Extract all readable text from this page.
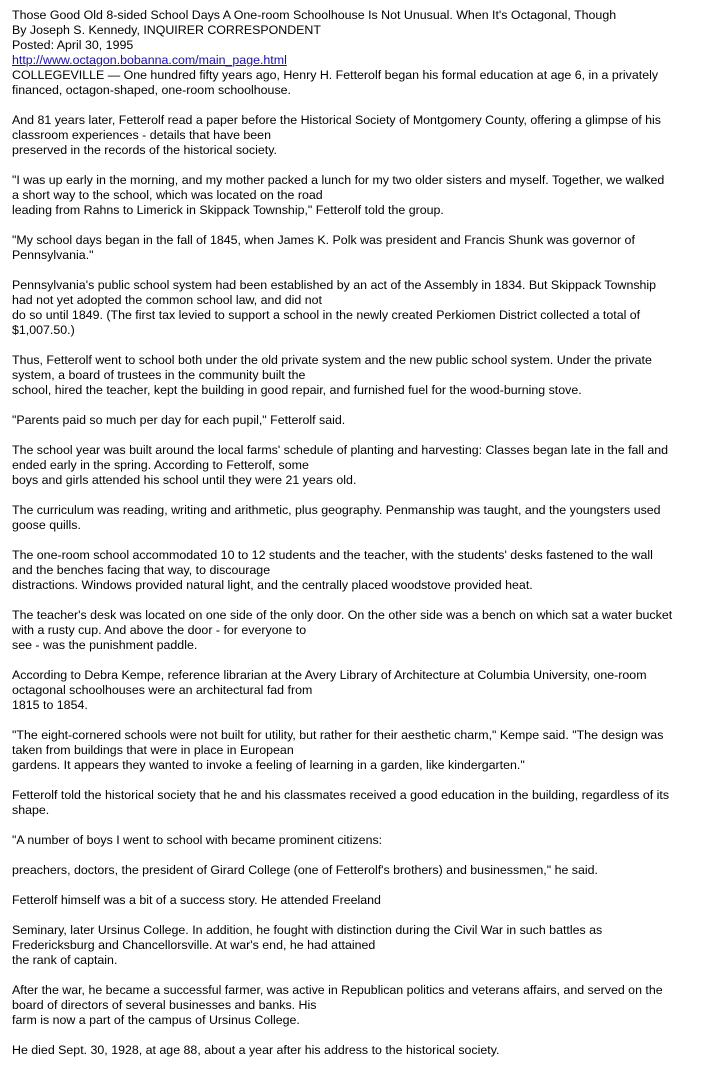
Those Good Old 8-sided School Days A One-room Schoolhouse Is Not Unusual. When It's Octagonal, Though
By Joseph S. Kennedy, INQUIRER CORRESPONDENT
Posted: April 30, 1995
http://www.octagon.bobanna.com/main_page.html
COLLEGEVILLE — One hundred fifty years ago, Henry H. Fetterolf began his formal education at age 6, in a privately
financed, octagon-shaped, one-room schoolhouse.
And 81 years later, Fetterolf read a paper before the Historical Society of Montgomery County, offering a glimpse of his
classroom experiences - details that have been
preserved in the records of the historical society.
"I was up early in the morning, and my mother packed a lunch for my two older sisters and myself. Together, we walked
a short way to the school, which was located on the road
leading from Rahns to Limerick in Skippack Township," Fetterolf told the group.
"My school days began in the fall of 1845, when James K. Polk was president and Francis Shunk was governor of
Pennsylvania."
Pennsylvania's public school system had been established by an act of the Assembly in 1834. But Skippack Township
had not yet adopted the common school law, and did not
do so until 1849. (The first tax levied to support a school in the newly created Perkiomen District collected a total of
$1,007.50.)
Thus, Fetterolf went to school both under the old private system and the new public school system. Under the private
system, a board of trustees in the community built the
school, hired the teacher, kept the building in good repair, and furnished fuel for the wood-burning stove.
"Parents paid so much per day for each pupil," Fetterolf said.
The school year was built around the local farms' schedule of planting and harvesting: Classes began late in the fall and
ended early in the spring. According to Fetterolf, some
boys and girls attended his school until they were 21 years old.
The curriculum was reading, writing and arithmetic, plus geography. Penmanship was taught, and the youngsters used
goose quills.
The one-room school accommodated 10 to 12 students and the teacher, with the students' desks fastened to the wall
and the benches facing that way, to discourage
distractions. Windows provided natural light, and the centrally placed woodstove provided heat.
The teacher's desk was located on one side of the only door. On the other side was a bench on which sat a water bucket
with a rusty cup. And above the door - for everyone to
see - was the punishment paddle.
According to Debra Kempe, reference librarian at the Avery Library of Architecture at Columbia University, one-room
octagonal schoolhouses were an architectural fad from
1815 to 1854.
"The eight-cornered schools were not built for utility, but rather for their aesthetic charm," Kempe said. "The design was
taken from buildings that were in place in European
gardens. It appears they wanted to invoke a feeling of learning in a garden, like kindergarten."
Fetterolf told the historical society that he and his classmates received a good education in the building, regardless of its
shape.
"A number of boys I went to school with became prominent citizens:
preachers, doctors, the president of Girard College (one of Fetterolf's brothers) and businessmen," he said.
Fetterolf himself was a bit of a success story. He attended Freeland
Seminary, later Ursinus College. In addition, he fought with distinction during the Civil War in such battles as
Fredericksburg and Chancellorsville. At war's end, he had attained
the rank of captain.
After the war, he became a successful farmer, was active in Republican politics and veterans affairs, and served on the
board of directors of several businesses and banks. His
farm is now a part of the campus of Ursinus College.
He died Sept. 30, 1928, at age 88, about a year after his address to the historical society.
